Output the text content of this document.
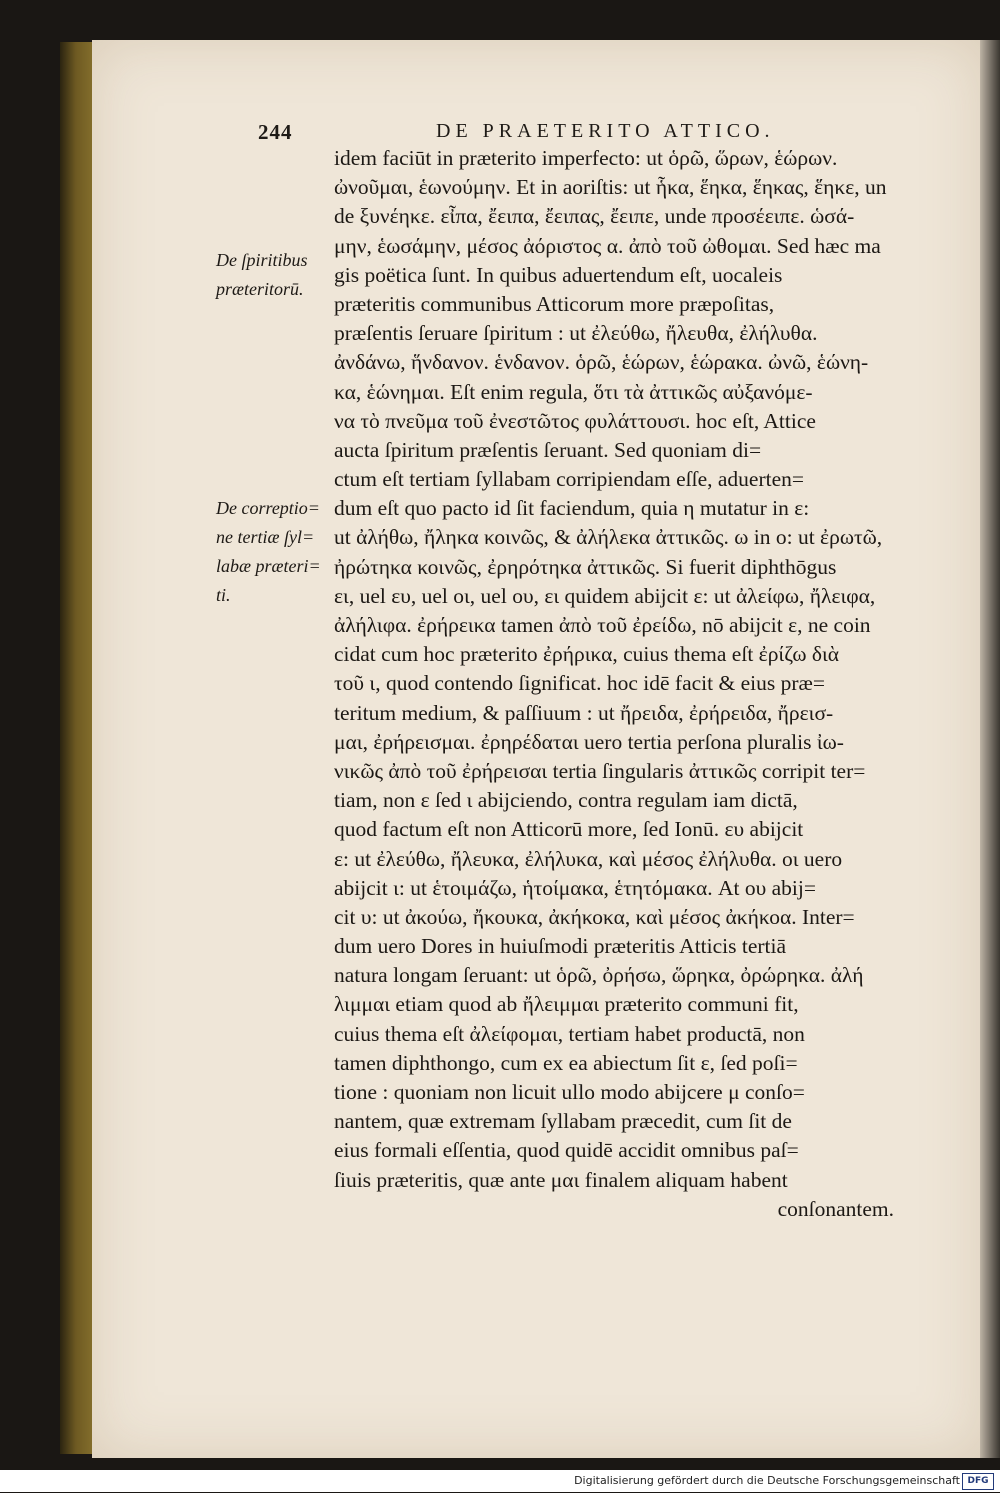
244	DE PRAETERITO ATTICO.
De ſpiritibus
præteritorū.
De correptio=
ne tertiæ ſyl=
labæ præteri=
ti.
idem faciūt in præterito imperfecto: ut ὁρῶ, ὥρων, ἑώρων.
ὠνοῦμαι, ἑωνούμην. Et in aoriſtis: ut ἧκα, ἕηκα, ἕηκας, ἕηκε, un
de ξυνέηκε. εἶπα, ἔειπα, ἔειπας, ἔειπε, unde προσέειπε. ὡσά-
μην, ἑωσάμην, μέσος ἀόριστος α. ἀπὸ τοῦ ὠθομαι. Sed hæc ma
gis poëtica ſunt. In quibus aduertendum eſt, uocaleis
præteritis communibus Atticorum more præpoſitas,
præſentis ſeruare ſpiritum : ut ἐλεύθω, ἤλευθα, ἐλήλυθα.
ἀνδάνω, ἥνδανον. ἑνδανον. ὁρῶ, ἑώρων, ἑώρακα. ὠνῶ, ἑώνη-
κα, ἑώνημαι. Eſt enim regula, ὅτι τὰ ἀττικῶς αὐξανόμε-
να τὸ πνεῦμα τοῦ ἐνεστῶτος φυλάττουσι. hoc eſt, Attice
aucta ſpiritum præſentis ſeruant. Sed quoniam di=
ctum eſt tertiam ſyllabam corripiendam eſſe, aduerten=
dum eſt quo pacto id ſit faciendum, quia η mutatur in ε:
ut ἀλήθω, ἤληκα κοινῶς, & ἀλήλεκα ἀττικῶς. ω in ο: ut ἐρωτῶ,
ἠρώτηκα κοινῶς, ἐρηρότηκα ἀττικῶς. Si fuerit diphthōgus
ει, uel ευ, uel οι, uel ου, ει quidem abijcit ε: ut ἀλείφω, ἤλειφα,
ἀλήλιφα. ἐρήρεικα tamen ἀπὸ τοῦ ἐρείδω, nō abijcit ε, ne coin
cidat cum hoc præterito ἐρήρικα, cuius thema eſt ἐρίζω διὰ
τοῦ ι, quod contendo ſignificat. hoc idē facit & eius præ=
teritum medium, & paſſiuum : ut ἤρειδα, ἐρήρειδα, ἤρεισ-
μαι, ἐρήρεισμαι. ἐρηρέδαται uero tertia perſona pluralis ἰω-
νικῶς ἀπὸ τοῦ ἐρήρεισαι tertia ſingularis ἀττικῶς corripit ter=
tiam, non ε ſed ι abijciendo, contra regulam iam dictā,
quod factum eſt non Atticorū more, ſed Ionū. ευ abijcit
ε: ut ἐλεύθω, ἤλευκα, ἐλήλυκα, καὶ μέσος ἐλήλυθα. οι uero
abijcit ι: ut ἑτοιμάζω, ἡτοίμακα, ἑτητόμακα. At ου abij=
cit υ: ut ἀκούω, ἤκουκα, ἀκήκοκα, καὶ μέσος ἀκήκοα. Inter=
dum uero Dores in huiuſmodi præteritis Atticis tertiā
natura longam ſeruant: ut ὁρῶ, ὀρήσω, ὥρηκα, ὀρώρηκα. ἀλή
λιμμαι etiam quod ab ἤλειμμαι præterito communi fit,
cuius thema eſt ἀλείφομαι, tertiam habet productā, non
tamen diphthongo, cum ex ea abiectum ſit ε, ſed poſi=
tione : quoniam non licuit ullo modo abijcere μ conſo=
nantem, quæ extremam ſyllabam præcedit, cum ſit de
eius formali eſſentia, quod quidē accidit omnibus paſ=
ſiuis præteritis, quæ ante μαι finalem aliquam habent
conſonantem.
Digitalisierung gefördert durch die Deutsche Forschungsgemeinschaft DFG
